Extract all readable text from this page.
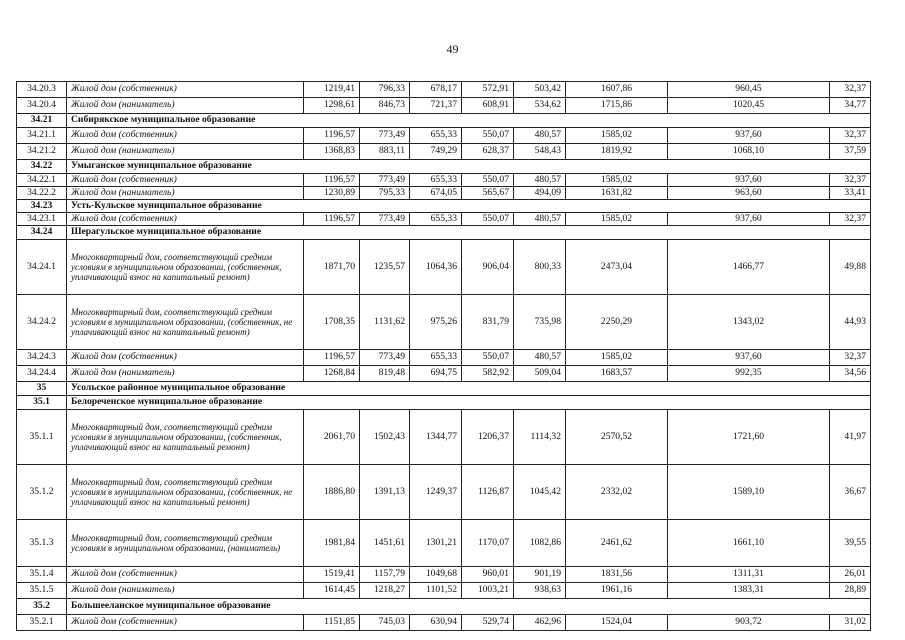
49
34.20.3	Жилой дом (собственник)	1219,41	796,33	678,17	572,91	503,42	1607,86	960,45	32,37
34.20.4	Жилой дом (наниматель)	1298,61	846,73	721,37	608,91	534,62	1715,86	1020,45	34,77
34.21	Сибирякское муниципальное образование								
34.21.1	Жилой дом (собственник)	1196,57	773,49	655,33	550,07	480,57	1585,02	937,60	32,37
34.21.2	Жилой дом (наниматель)	1368,83	883,11	749,29	628,37	548,43	1819,92	1068,10	37,59
34.22	Умыганское муниципальное образование								
34.22.1	Жилой дом (собственник)	1196,57	773,49	655,33	550,07	480,57	1585,02	937,60	32,37
34.22.2	Жилой дом (наниматель)	1230,89	795,33	674,05	565,67	494,09	1631,82	963,60	33,41
34.23	Усть-Кульское муниципальное образование								
34.23.1	Жилой дом (собственник)	1196,57	773,49	655,33	550,07	480,57	1585,02	937,60	32,37
34.24	Шерагульское муниципальное образование								
34.24.1	Многоквартирный дом, соответствующий средним условиям в муниципальном образовании, (собственник, уплачивающий взнос на капитальный ремонт)	1871,70	1235,57	1064,36	906,04	800,33	2473,04	1466,77	49,88
34.24.2	Многоквартирный дом, соответствующий средним условиям в муниципальном образовании, (собственник, не уплачивающий взнос на капитальный ремонт)	1708,35	1131,62	975,26	831,79	735,98	2250,29	1343,02	44,93
34.24.3	Жилой дом (собственник)	1196,57	773,49	655,33	550,07	480,57	1585,02	937,60	32,37
34.24.4	Жилой дом (наниматель)	1268,84	819,48	694,75	582,92	509,04	1683,57	992,35	34,56
35	Усольское районное муниципальное образование								
35.1	Белореченское муниципальное образование								
35.1.1	Многоквартирный дом, соответствующий средним условиям в муниципальном образовании, (собственник, уплачивающий взнос на капитальный ремонт)	2061,70	1502,43	1344,77	1206,37	1114,32	2570,52	1721,60	41,97
35.1.2	Многоквартирный дом, соответствующий средним условиям в муниципальном образовании, (собственник, не уплачивающий взнос на капитальный ремонт)	1886,80	1391,13	1249,37	1126,87	1045,42	2332,02	1589,10	36,67
35.1.3	Многоквартирный дом, соответствующий средним условиям в муниципальном образовании, (наниматель)	1981,84	1451,61	1301,21	1170,07	1082,86	2461,62	1661,10	39,55
35.1.4	Жилой дом (собственник)	1519,41	1157,79	1049,68	960,01	901,19	1831,56	1311,31	26,01
35.1.5	Жилой дом (наниматель)	1614,45	1218,27	1101,52	1003,21	938,63	1961,16	1383,31	28,89
35.2	Большееланское муниципальное образование								
35.2.1	Жилой дом (собственник)	1151,85	745,03	630,94	529,74	462,96	1524,04	903,72	31,02
